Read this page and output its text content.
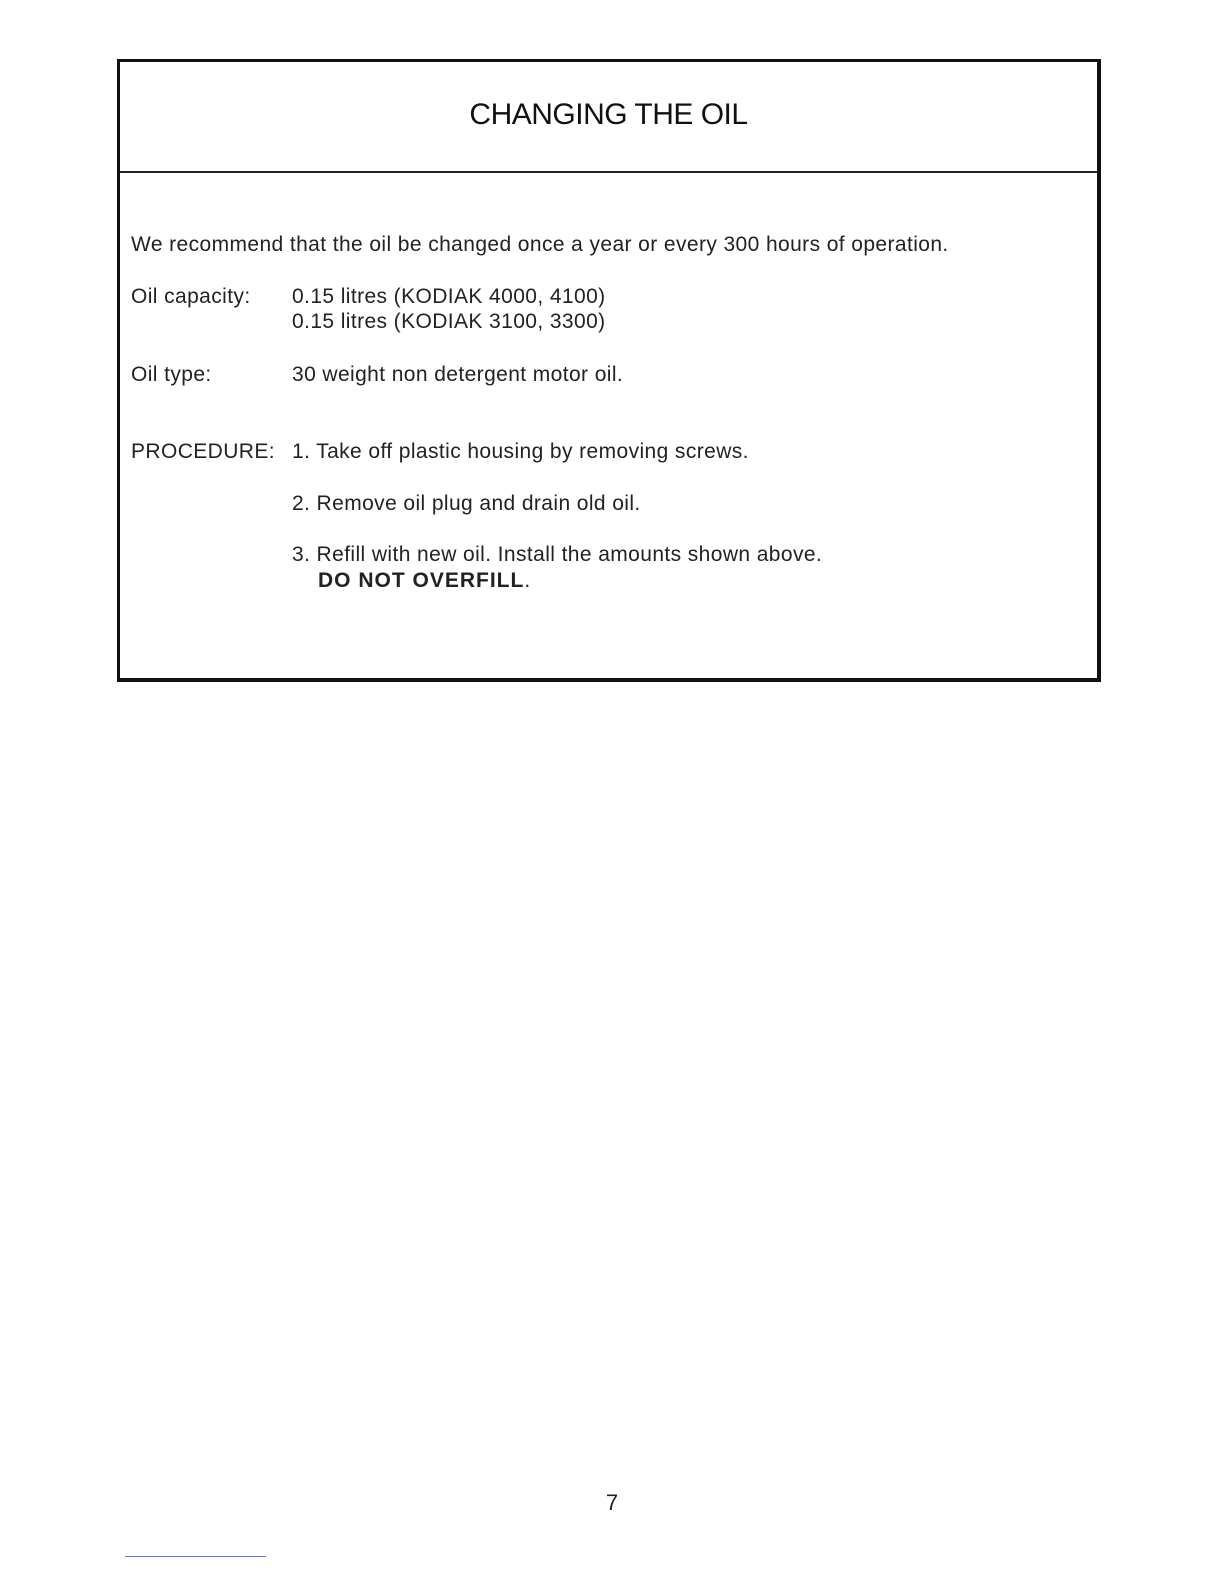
CHANGING THE OIL
We recommend that the oil be changed once a year or every 300 hours of operation.
Oil capacity: 0.15 litres (KODIAK 4000, 4100)
0.15 litres (KODIAK 3100, 3300)
Oil type:	30 weight non detergent motor oil.
PROCEDURE: 1. Take off plastic housing by removing screws.
2. Remove oil plug and drain old oil.
3. Refill with new oil. Install the amounts shown above.
DO NOT OVERFILL.
7
